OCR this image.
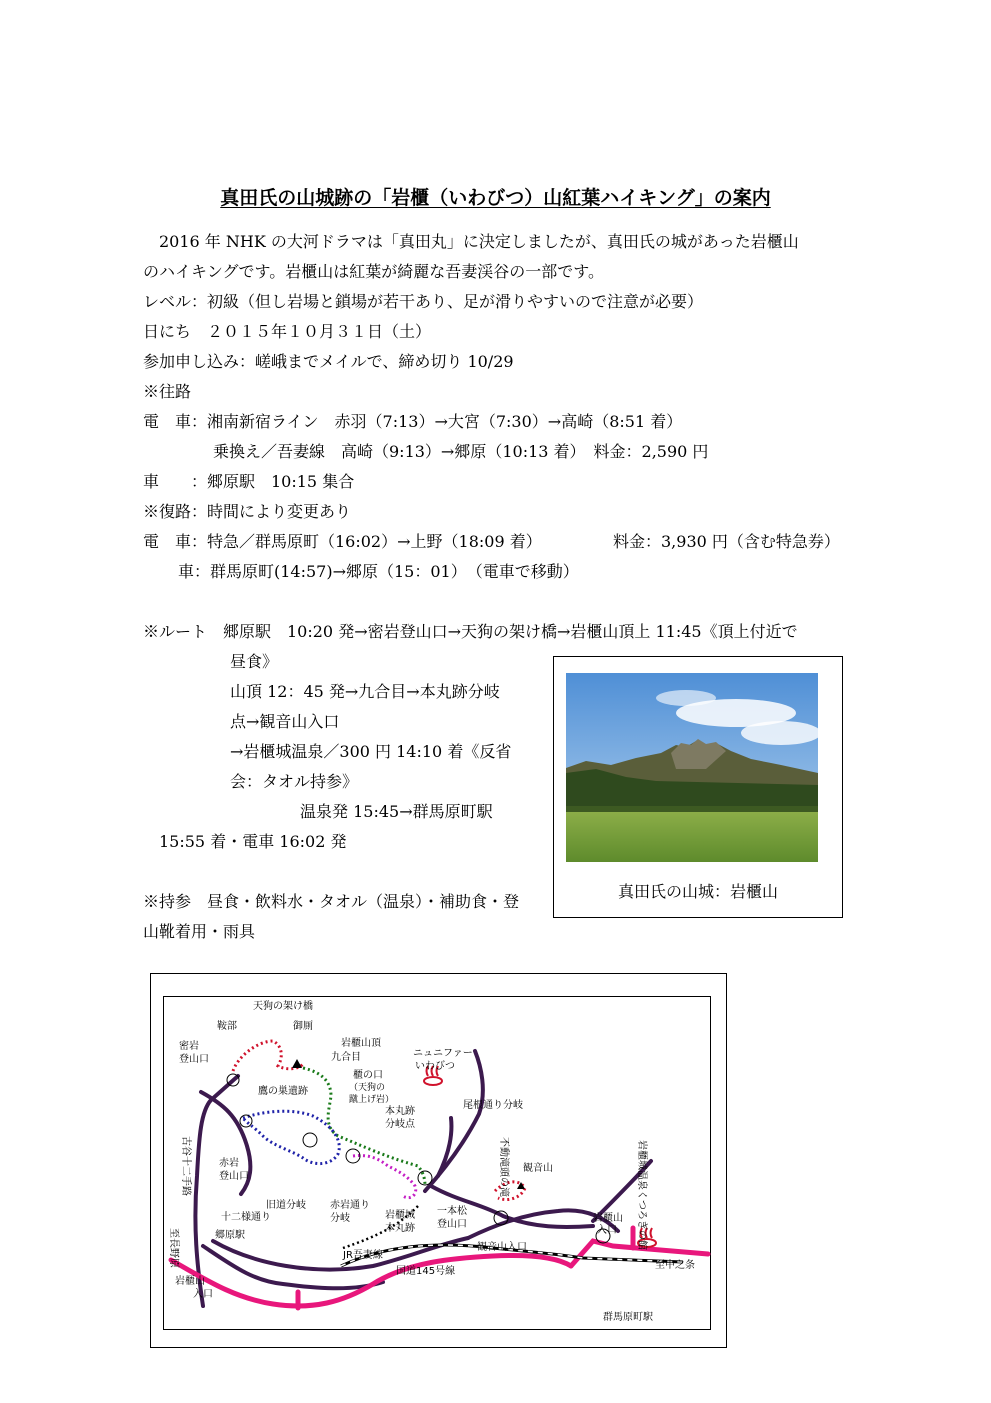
真田氏の山城跡の「岩櫃（いわびつ）山紅葉ハイキング」の案内
2016 年 NHK の大河ドラマは「真田丸」に決定しましたが、真田氏の城があった岩櫃山
のハイキングです。岩櫃山は紅葉が綺麗な吾妻渓谷の一部です。
レベル：初級（但し岩場と鎖場が若干あり、足が滑りやすいので注意が必要）
日にち　２０１５年１０月３１日（土）
参加申し込み：嵯峨までメイルで、締め切り 10/29
※往路
電　車：湘南新宿ライン　赤羽（7:13）→大宮（7:30）→高崎（8:51 着）
乗換え／吾妻線　高崎（9:13）→郷原（10:13 着）　料金：2,590 円
車　　：郷原駅　10:15 集合
※復路：時間により変更あり
電　車：特急／群馬原町（16:02）→上野（18:09 着）	料金：3,930 円（含む特急券）
車：群馬原町(14:57)→郷原（15：01）　（電車で移動）
※ルート　郷原駅　10:20 発→密岩登山口→天狗の架け橋→岩櫃山頂上 11:45《頂上付近で
昼食》
山頂 12：45 発→九合目→本丸跡分岐
点→観音山入口
→岩櫃城温泉／300 円 14:10 着《反省
会：タオル持参》
温泉発 15:45→群馬原町駅
15:55 着・電車 16:02 発
※持参　昼食・飲料水・タオル（温泉）・補助食・登
山靴着用・雨具
真田氏の山城：岩櫃山
天狗の架け橋
鞍部	御厠
密岩
登山口
岩櫃山頂
九合目	ニュニファー
いわびつ
鷹の巣遺跡
櫃の口
（天狗の
蹴上げ岩）	尾根通り分岐
本丸跡
分岐点
古谷十二手路	赤岩
登山口	不動滝頭の滝 観音山
旧道分岐
十二様通り
赤岩通り
分岐	岩櫃城
本丸跡
一本松
登山口	岩櫃城温泉くつろぎの館
郷原駅
至長野原	JR吾妻線
観音山入口
岩櫃山
入口
国道145号線
至中之条
群馬原町駅
岩櫃山
入口
